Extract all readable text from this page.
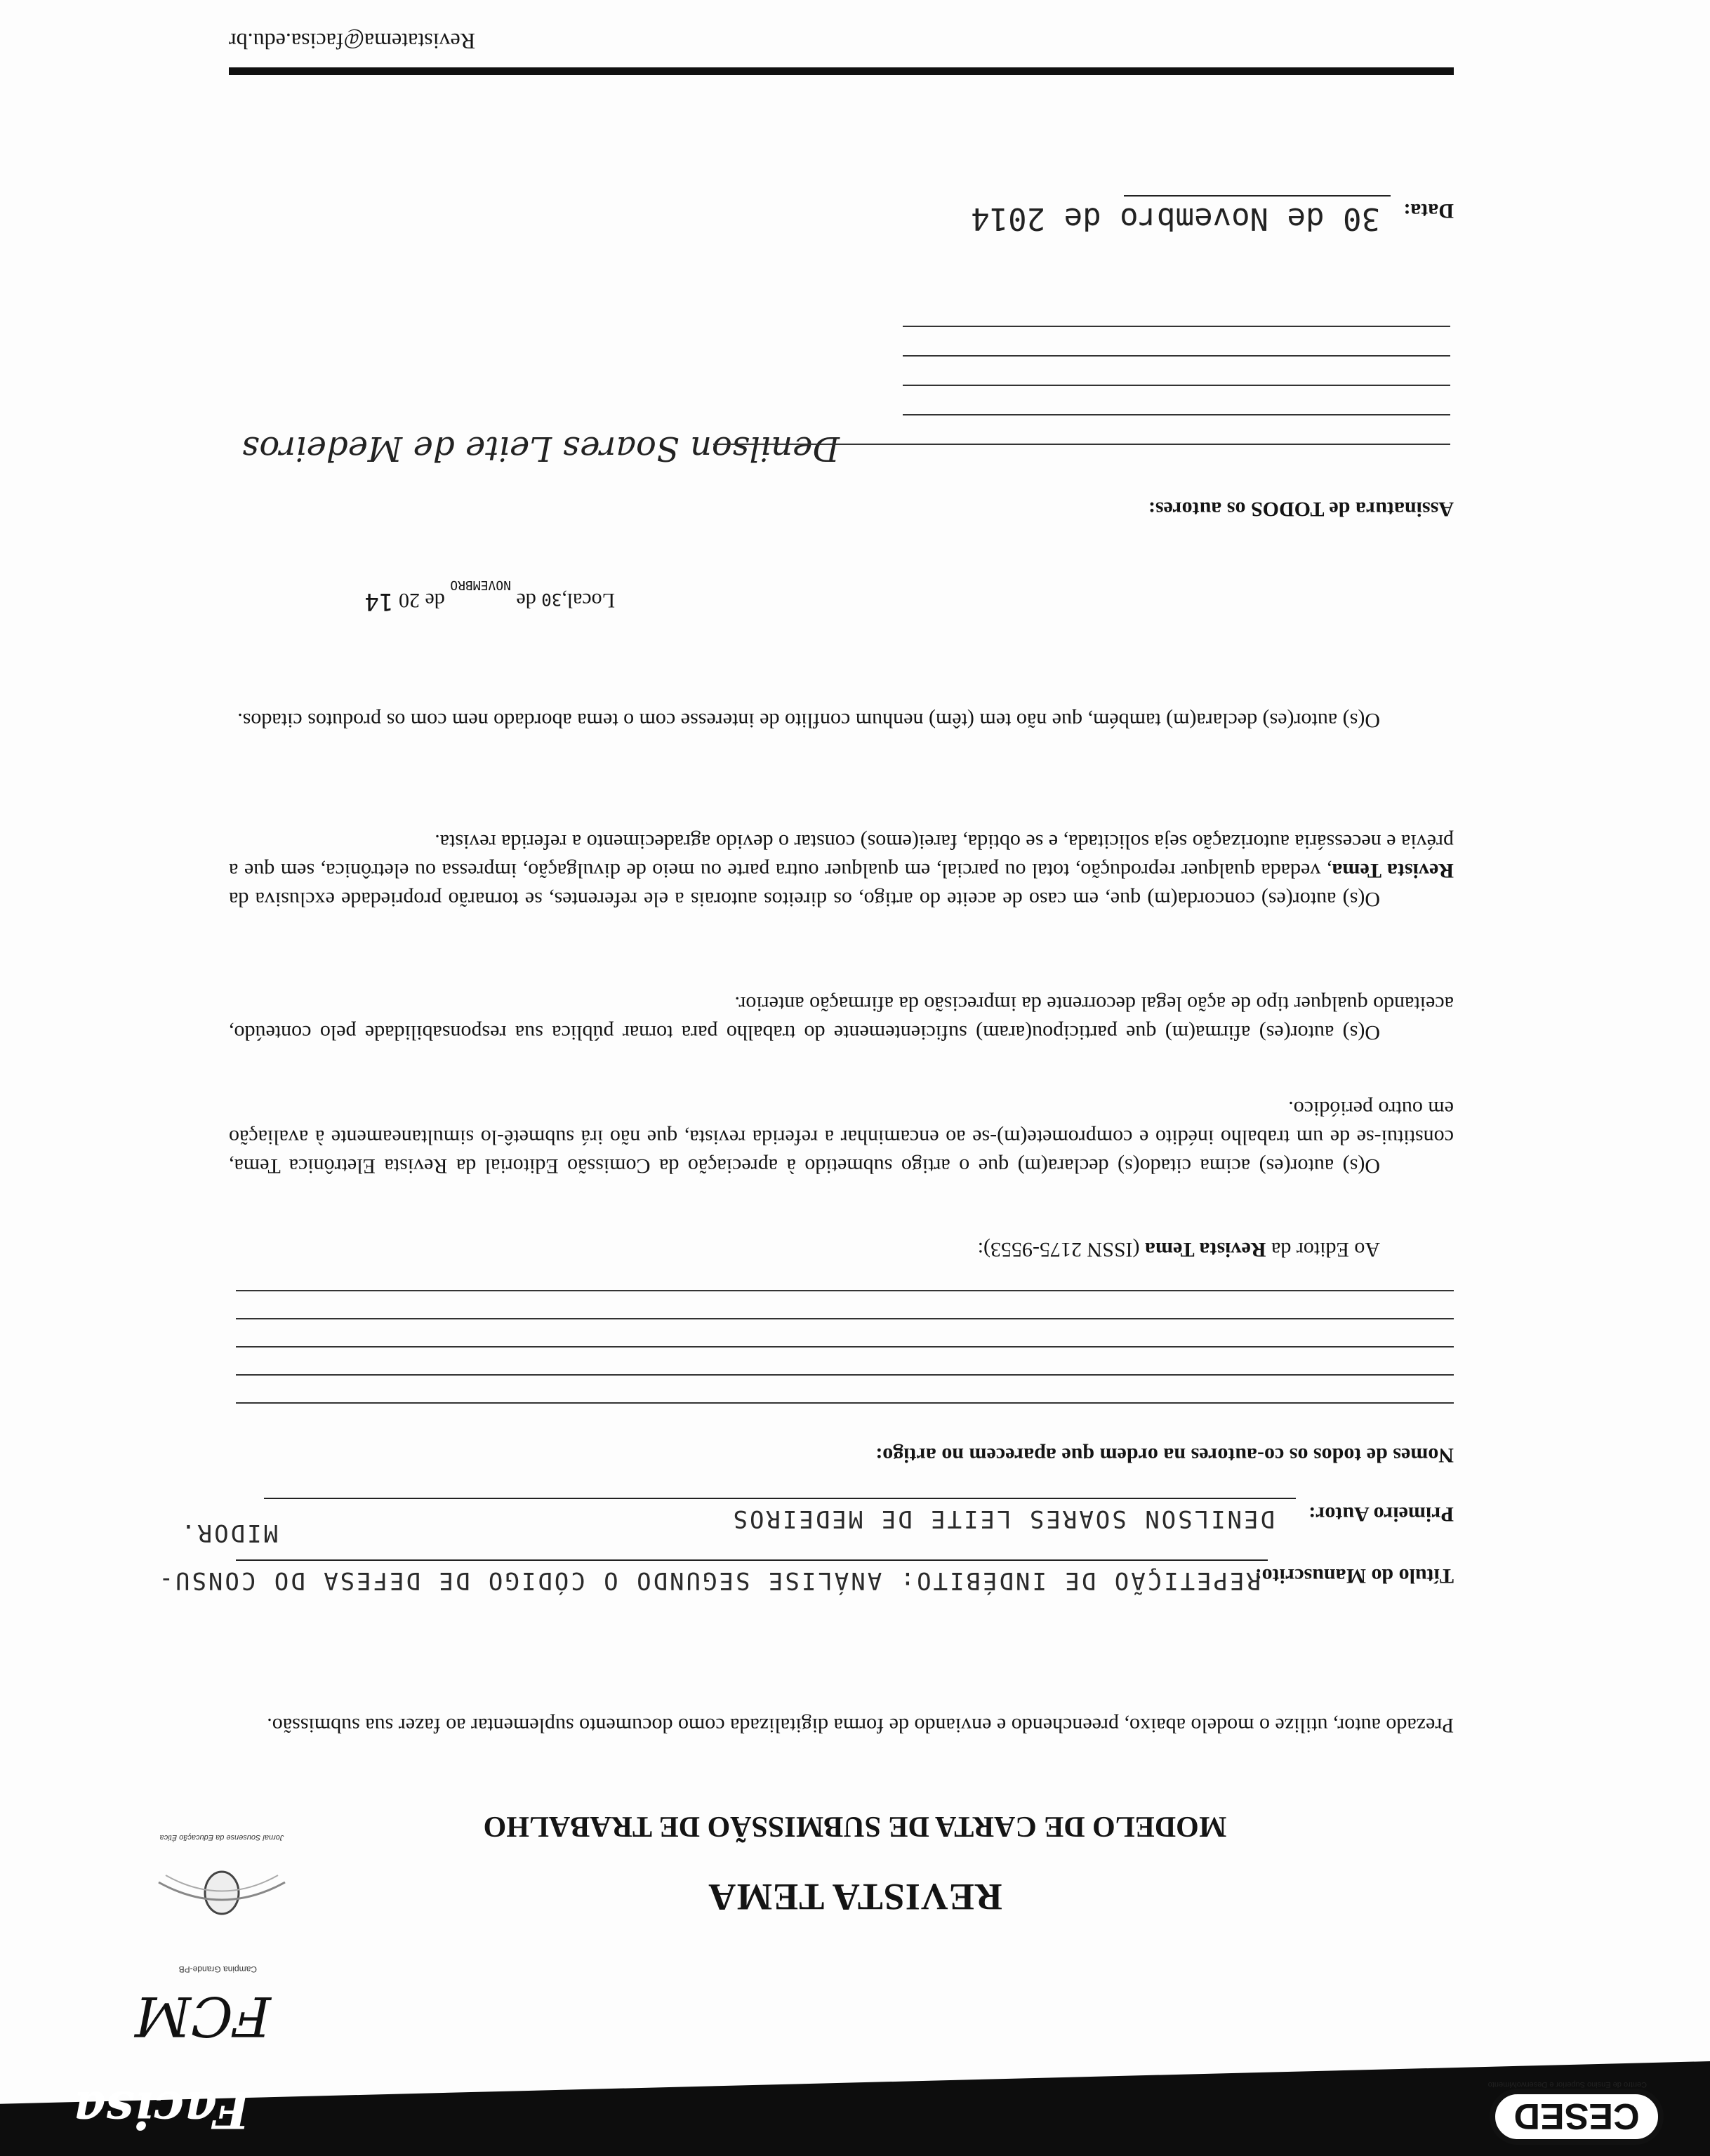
CESED
Centro de Ensino Superior e Desenvolvimento
Facisa
FCM
Campina Grande-PB
Jornal Sousense da Educação Ética
REVISTA TEMA
MODELO DE CARTA DE SUBMISSÃO DE TRABALHO
Prezado autor, utilize o modelo abaixo, preenchendo e enviando de forma digitalizada como documento suplementar ao fazer sua submissão.
Título do Manuscrito:
REPETIÇÃO DE INDÉBITO: ANÁLISE SEGUNDO O CÓDIGO DE DEFESA DO CONSU-
MIDOR.
Primeiro Autor:
DENILSON SOARES LEITE DE MEDEIROS
Nomes de todos os co-autores na ordem que aparecem no artigo:
Ao Editor da Revista Tema (ISSN 2175-9553):
O(s) autor(es) acima citado(s) declara(m) que o artigo submetido à apreciação da Comissão Editorial da Revista Eletrônica Tema, constitui-se de um trabalho inédito e compromete(m)-se ao encaminhar a referida revista, que não irá submetê-lo simultaneamente à avaliação em outro periódico.
O(s) autor(es) afirma(m) que participou(aram) suficientemente do trabalho para tornar pública sua responsabilidade pelo conteúdo, aceitando qualquer tipo de ação legal decorrente da imprecisão da afirmação anterior.
O(s) autor(es) concorda(m) que, em caso de aceite do artigo, os direitos autorais a ele referentes, se tornarão propriedade exclusiva da Revista Tema, vedada qualquer reprodução, total ou parcial, em qualquer outra parte ou meio de divulgação, impressa ou eletrônica, sem que a prévia e necessária autorização seja solicitada, e se obtida, farei(emos) constar o devido agradecimento a referida revista.
O(s) autor(es) declara(m) também, que não tem (têm) nenhum conflito de interesse com o tema abordado nem com os produtos citados.
Local,30 de $_{NOVEMBRO}$ de 20 14
Assinatura de TODOS os autores:
Denilson Soares Leite de Medeiros
Data:
30 de Novembro de 2014
Revistatema@facisa.edu.br
